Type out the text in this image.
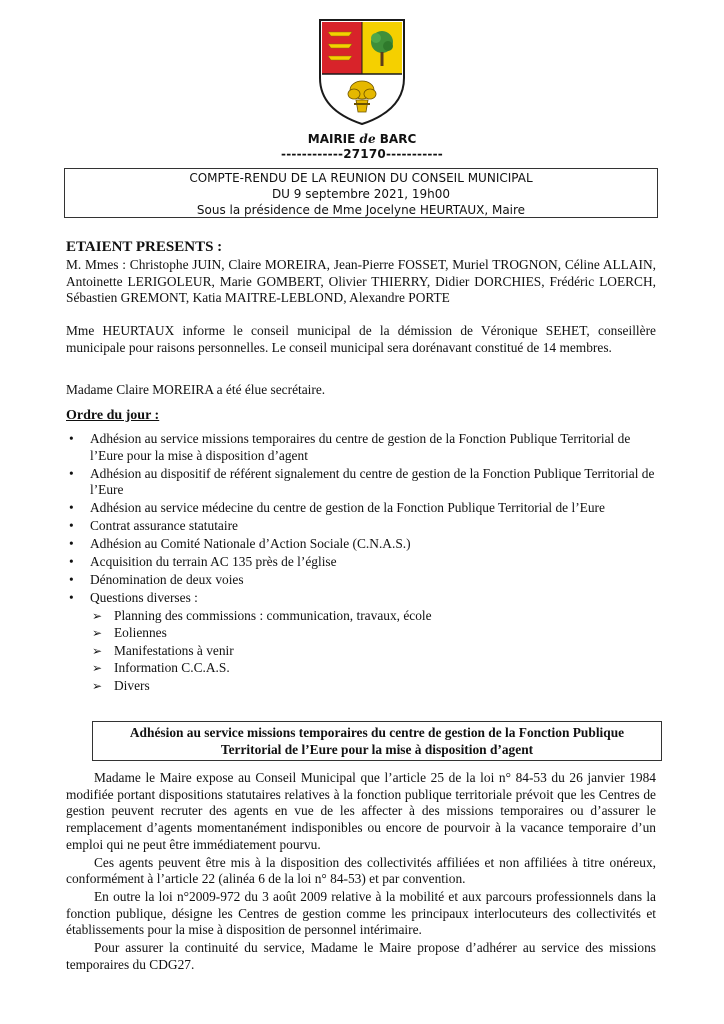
MAIRIE de BARC
------------27170-----------
COMPTE-RENDU DE LA REUNION DU CONSEIL MUNICIPAL
DU 9 septembre 2021, 19h00
Sous la présidence de Mme Jocelyne HEURTAUX, Maire
ETAIENT PRESENTS :
M. Mmes : Christophe JUIN, Claire MOREIRA, Jean-Pierre FOSSET, Muriel TROGNON, Céline ALLAIN, Antoinette LERIGOLEUR, Marie GOMBERT, Olivier THIERRY, Didier DORCHIES, Frédéric LOERCH, Sébastien GREMONT, Katia MAITRE-LEBLOND, Alexandre PORTE
Mme HEURTAUX informe le conseil municipal de la démission de Véronique SEHET, conseillère municipale pour raisons personnelles. Le conseil municipal sera dorénavant constitué de 14 membres.
Madame Claire MOREIRA a été élue secrétaire.
Ordre du jour :
• Adhésion au service missions temporaires du centre de gestion de la Fonction Publique Territorial de l’Eure pour la mise à disposition d’agent
• Adhésion au dispositif de référent signalement du centre de gestion de la Fonction Publique Territorial de l’Eure
• Adhésion au service médecine du centre de gestion de la Fonction Publique Territorial de l’Eure
• Contrat assurance statutaire
• Adhésion au Comité Nationale d’Action Sociale (C.N.A.S.)
• Acquisition du terrain AC 135 près de l’église
• Dénomination de deux voies
• Questions diverses :
➢ Planning des commissions : communication, travaux, école
➢ Eoliennes
➢ Manifestations à venir
➢ Information C.C.A.S.
➢ Divers
Adhésion au service missions temporaires du centre de gestion de la Fonction Publique
Territorial de l’Eure pour la mise à disposition d’agent

Madame le Maire expose au Conseil Municipal que l’article 25 de la loi n° 84-53 du 26 janvier 1984 modifiée portant dispositions statutaires relatives à la fonction publique territoriale prévoit que les Centres de gestion peuvent recruter des agents en vue de les affecter à des missions temporaires ou d’assurer le remplacement d’agents momentanément indisponibles ou encore de pourvoir à la vacance temporaire d’un emploi qui ne peut être immédiatement pourvu.

Ces agents peuvent être mis à la disposition des collectivités affiliées et non affiliées à titre onéreux, conformément à l’article 22 (alinéa 6 de la loi n° 84-53) et par convention.

En outre la loi n°2009-972 du 3 août 2009 relative à la mobilité et aux parcours professionnels dans la fonction publique, désigne les Centres de gestion comme les principaux interlocuteurs des collectivités et établissements pour la mise à disposition de personnel intérimaire.

Pour assurer la continuité du service, Madame le Maire propose d’adhérer au service des missions temporaires du CDG27.
